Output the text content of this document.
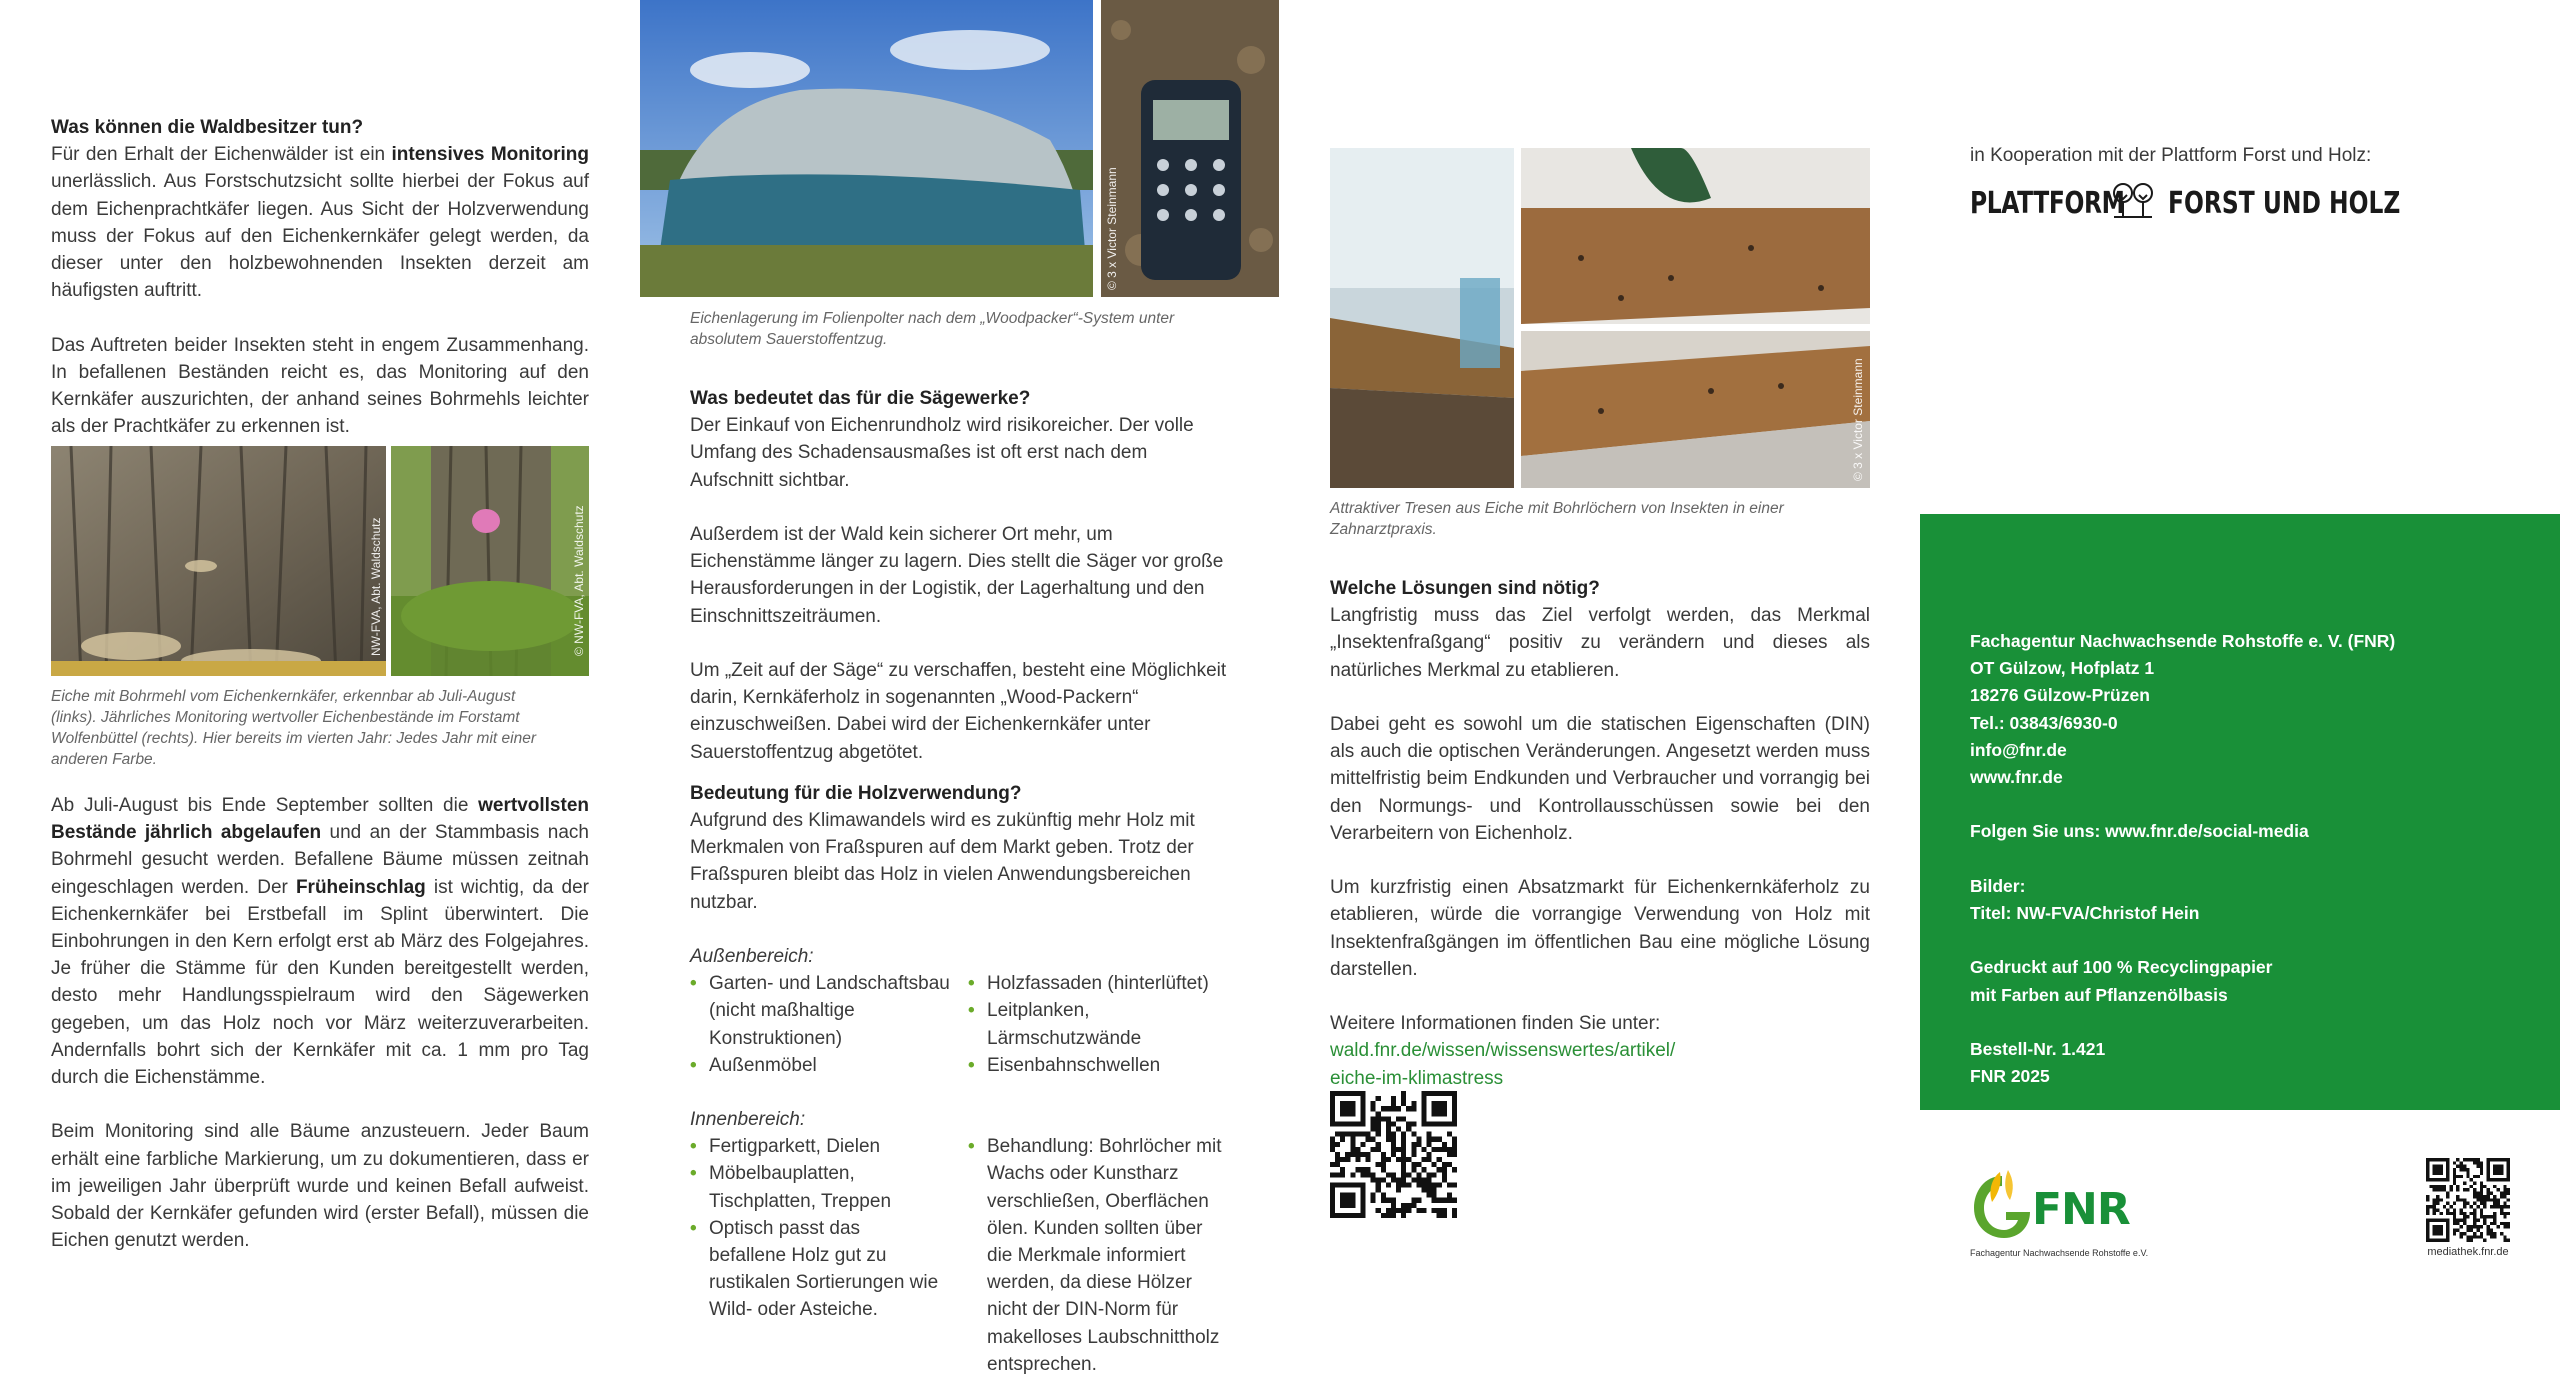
Was können die Waldbesitzer tun?

Für den Erhalt der Eichenwälder ist ein intensives Monitoring unerlässlich. Aus Forstschutzsicht sollte hierbei der Fokus auf dem Eichenprachtkäfer liegen. Aus Sicht der Holzverwendung muss der Fokus auf den Eichenkernkäfer gelegt werden, da dieser unter den holzbewohnenden Insekten derzeit am häufigsten auftritt.

Das Auftreten beider Insekten steht in engem Zusammenhang. In befallenen Beständen reicht es, das Monitoring auf den Kernkäfer auszurichten, der anhand seines Bohrmehls leichter als der Prachtkäfer zu erkennen ist.

NW-FVA, Abt. Waldschutz	© NW-FVA, Abt. Waldschutz
Eiche mit Bohrmehl vom Eichenkernkäfer, erkennbar ab Juli-August (links). Jährliches Monitoring wertvoller Eichenbestände im Forstamt Wolfenbüttel (rechts). Hier bereits im vierten Jahr: Jedes Jahr mit einer anderen Farbe.

Ab Juli-August bis Ende September sollten die wertvollsten Bestände jährlich abgelaufen und an der Stammbasis nach Bohrmehl gesucht werden. Befallene Bäume müssen zeitnah eingeschlagen werden. Der Früheinschlag ist wichtig, da der Eichenkernkäfer bei Erstbefall im Splint überwintert. Die Einbohrungen in den Kern erfolgt erst ab März des Folgejahres. Je früher die Stämme für den Kunden bereitgestellt werden, desto mehr Handlungsspielraum wird den Sägewerken gegeben, um das Holz noch vor März weiterzuverarbeiten. Andernfalls bohrt sich der Kernkäfer mit ca. 1 mm pro Tag durch die Eichenstämme.

Beim Monitoring sind alle Bäume anzusteuern. Jeder Baum erhält eine farbliche Markierung, um zu dokumentieren, dass er im jeweiligen Jahr überprüft wurde und keinen Befall aufweist. Sobald der Kernkäfer gefunden wird (erster Befall), müssen die Eichen genutzt werden.

© 3 x Victor Steinmann
Eichenlagerung im Folienpolter nach dem „Woodpacker“-System unter absolutem Sauerstoffentzug.
Was bedeutet das für die Sägewerke?

Der Einkauf von Eichenrundholz wird risikoreicher. Der volle Umfang des Schadensausmaßes ist oft erst nach dem Aufschnitt sichtbar.

Außerdem ist der Wald kein sicherer Ort mehr, um Eichenstämme länger zu lagern. Dies stellt die Säger vor große Herausforderungen in der Logistik, der Lagerhaltung und den Einschnittszeiträumen.

Um „Zeit auf der Säge“ zu verschaffen, besteht eine Möglichkeit darin, Kernkäferholz in sogenannten „Wood-Packern“ einzuschweißen. Dabei wird der Eichenkernkäfer unter Sauerstoffentzug abgetötet.

Bedeutung für die Holzverwendung?

Aufgrund des Klimawandels wird es zukünftig mehr Holz mit Merkmalen von Fraßspuren auf dem Markt geben. Trotz der Fraßspuren bleibt das Holz in vielen Anwendungsbereichen nutzbar.

Außenbereich:
• Garten- und Landschaftsbau (nicht maßhaltige Konstruktionen)
• Außenmöbel
• Holzfassaden (hinterlüftet)
• Leitplanken, Lärmschutzwände
• Eisenbahnschwellen
Innenbereich:
• Fertigparkett, Dielen
• Möbelbauplatten, Tischplatten, Treppen
• Optisch passt das befallene Holz gut zu rustikalen Sortierungen wie Wild- oder Asteiche.
• Behandlung: Bohrlöcher mit Wachs oder Kunstharz verschließen, Oberflächen ölen. Kunden sollten über die Merkmale informiert werden, da diese Hölzer nicht der DIN-Norm für makelloses Laubschnittholz entsprechen.
© 3 x Victor Steinmann
Attraktiver Tresen aus Eiche mit Bohrlöchern von Insekten in einer Zahnarztpraxis.
Welche Lösungen sind nötig?

Langfristig muss das Ziel verfolgt werden, das Merkmal „Insektenfraßgang“ positiv zu verändern und dieses als natürliches Merkmal zu etablieren.

Dabei geht es sowohl um die statischen Eigenschaften (DIN) als auch die optischen Veränderungen. Angesetzt werden muss mittelfristig beim Endkunden und Verbraucher und vorrangig bei den Normungs- und Kontrollausschüssen sowie bei den Verarbeitern von Eichenholz.

Um kurzfristig einen Absatzmarkt für Eichenkernkäferholz zu etablieren, würde die vorrangige Verwendung von Holz mit Insektenfraßgängen im öffentlichen Bau eine mögliche Lösung darstellen.

Weitere Informationen finden Sie unter:
wald.fnr.de/wissen/wissenswertes/artikel/
eiche-im-klimastress
in Kooperation mit der Plattform Forst und Holz:
PLATTFORM FORST UND HOLZ
Fachagentur Nachwachsende Rohstoffe e. V. (FNR)
OT Gülzow, Hofplatz 1
18276 Gülzow-Prüzen
Tel.: 03843/6930-0
info@fnr.de
www.fnr.de
Folgen Sie uns: www.fnr.de/social-media
Bilder:
Titel: NW-FVA/Christof Hein
Gedruckt auf 100 % Recyclingpapier
mit Farben auf Pflanzenölbasis
Bestell-Nr. 1.421
FNR 2025
FNR
Fachagentur Nachwachsende Rohstoffe e.V.	mediathek.fnr.de
